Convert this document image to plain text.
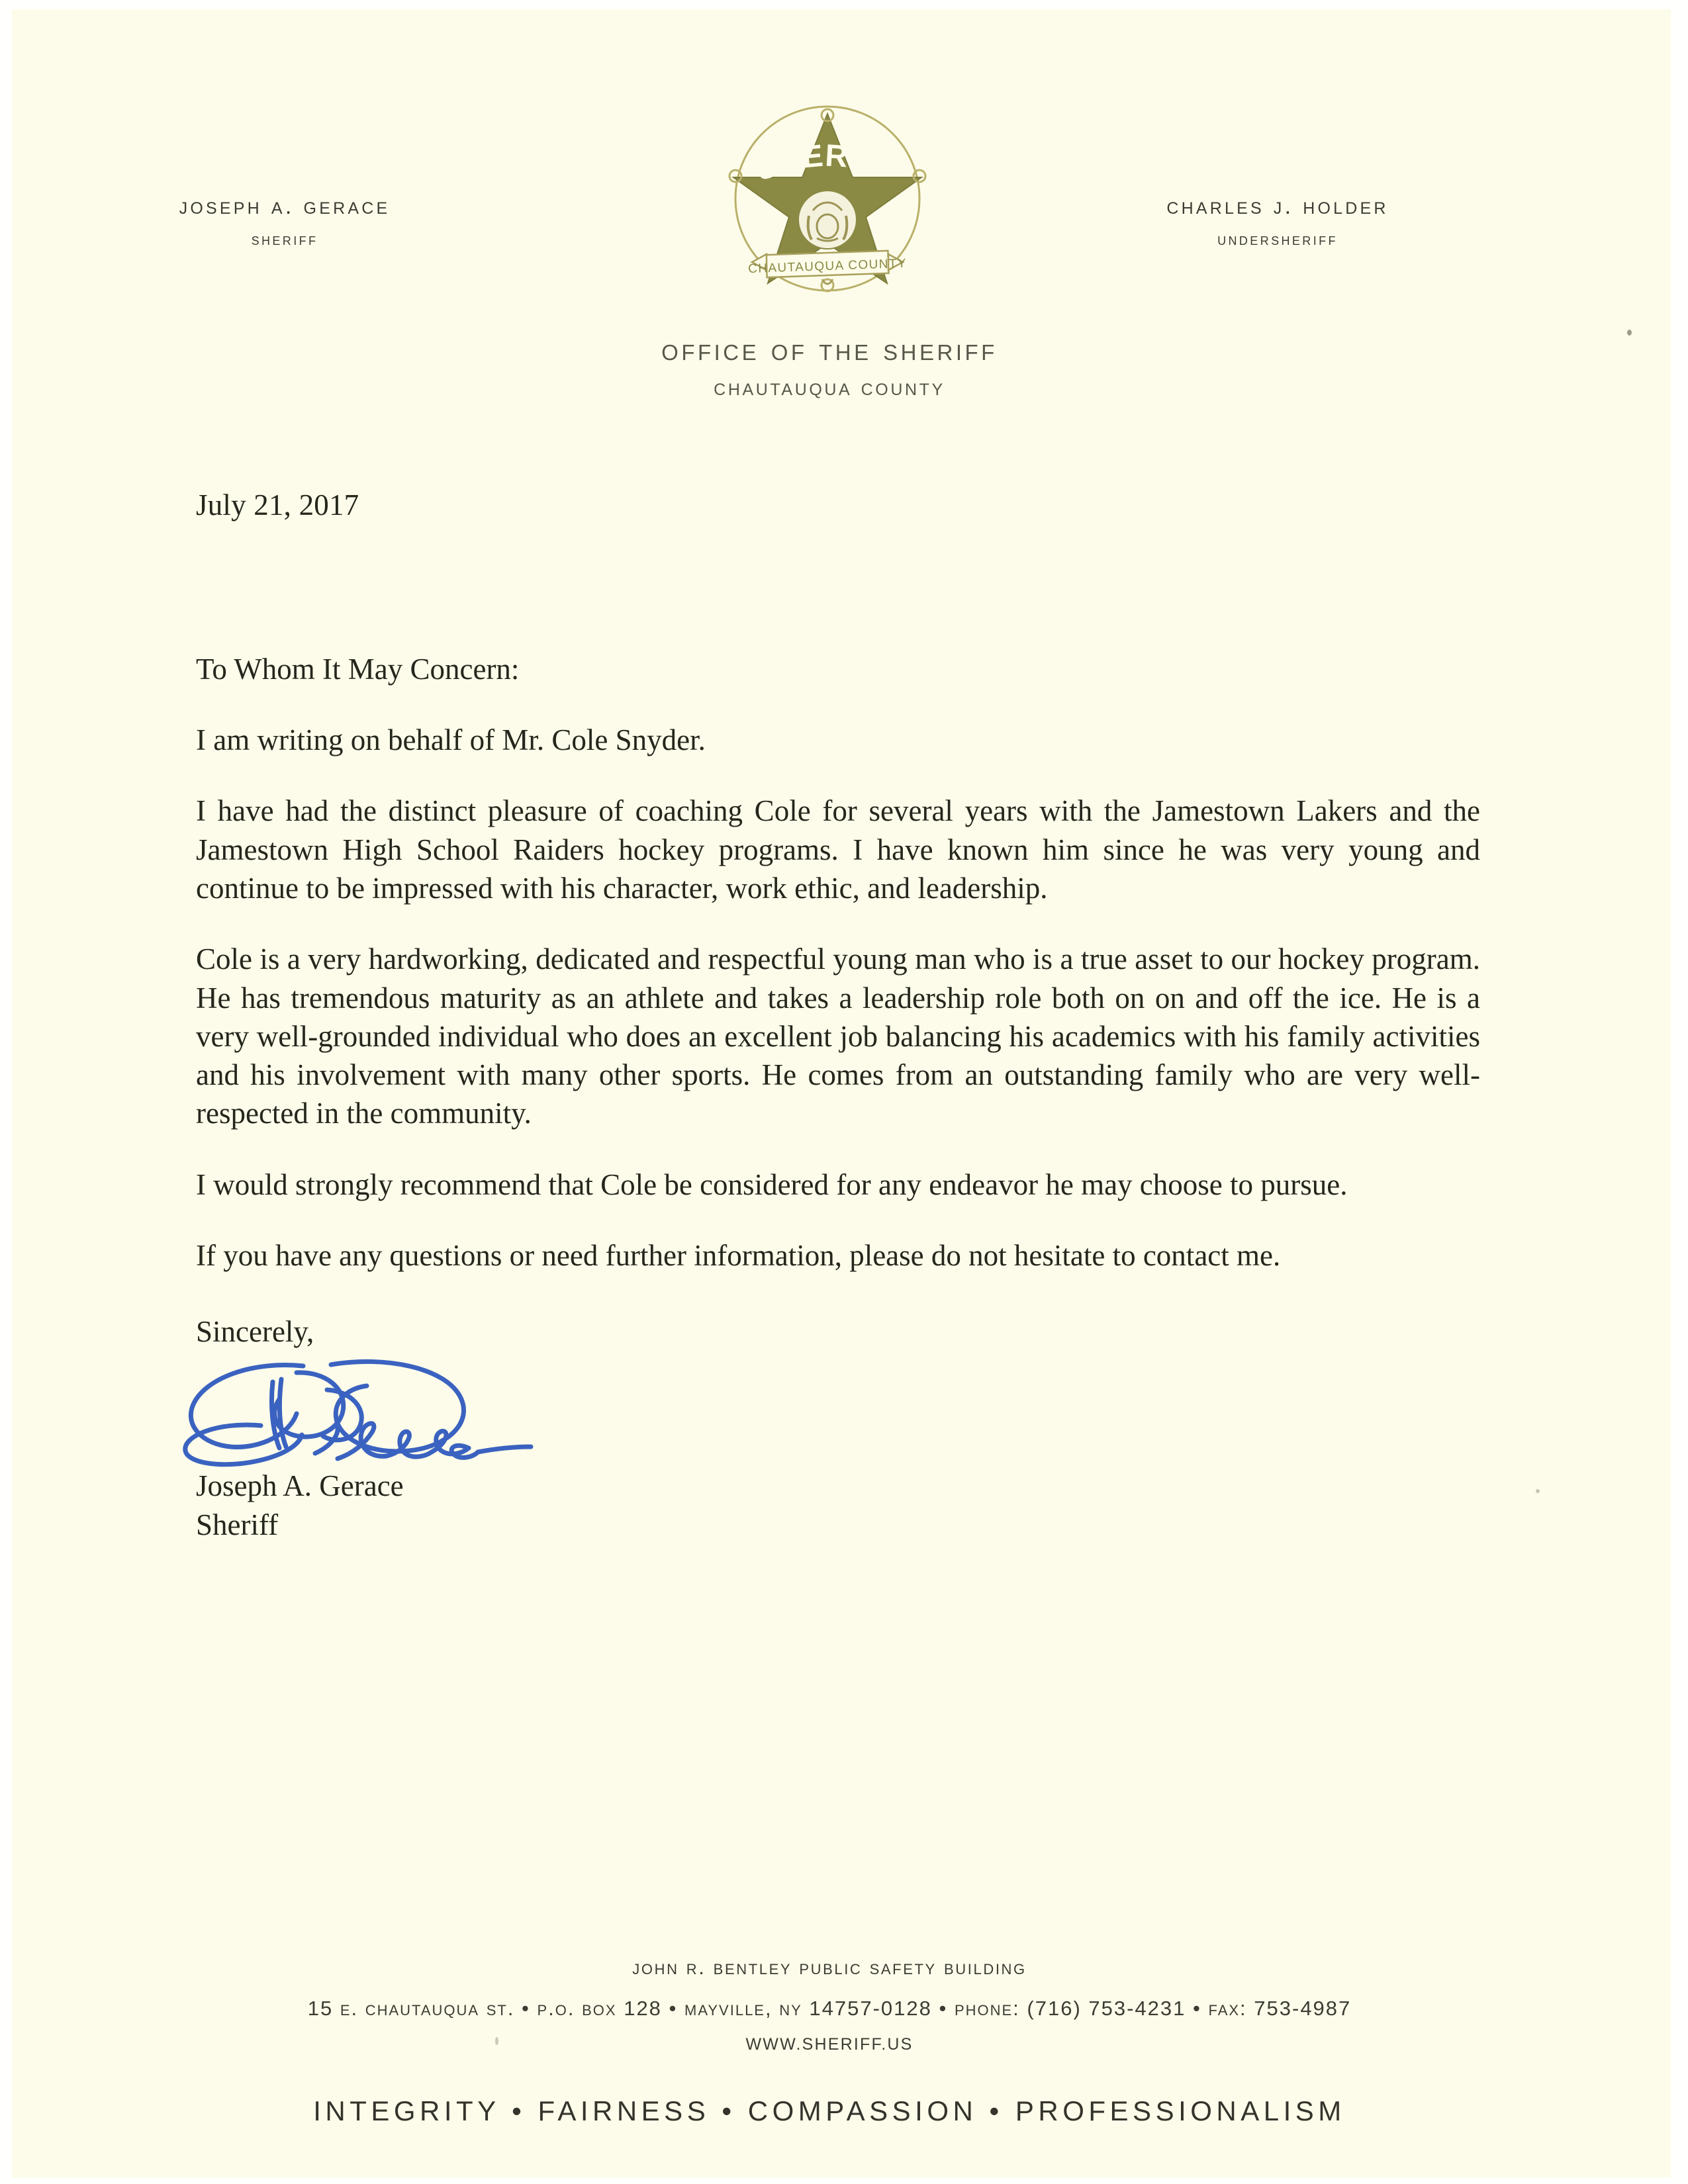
joseph a. gerace
sheriff
SHERIFF
CHAUTAUQUA COUNTY
charles j. holder
undersheriff
office of the sheriff
chautauqua county

July 21, 2017

To Whom It May Concern:

I am writing on behalf of Mr. Cole Snyder.

I have had the distinct pleasure of coaching Cole for several years with the Jamestown Lakers and the Jamestown High School Raiders hockey programs. I have known him since he was very young and continue to be impressed with his character, work ethic, and leadership.

Cole is a very hardworking, dedicated and respectful young man who is a true asset to our hockey program. He has tremendous maturity as an athlete and takes a leadership role both on on and off the ice. He is a very well-grounded individual who does an excellent job balancing his academics with his family activities and his involvement with many other sports. He comes from an outstanding family who are very well-respected in the community.

I would strongly recommend that Cole be considered for any endeavor he may choose to pursue.

If you have any questions or need further information, please do not hesitate to contact me.

Sincerely,

Joseph A. Gerace

Sheriff

john r. bentley public safety building
15 e. chautauqua st. • p.o. box 128 • mayville, ny 14757-0128 • phone: (716) 753-4231 • fax: 753-4987
WWW.SHERIFF.US
INTEGRITY • FAIRNESS • COMPASSION • PROFESSIONALISM
